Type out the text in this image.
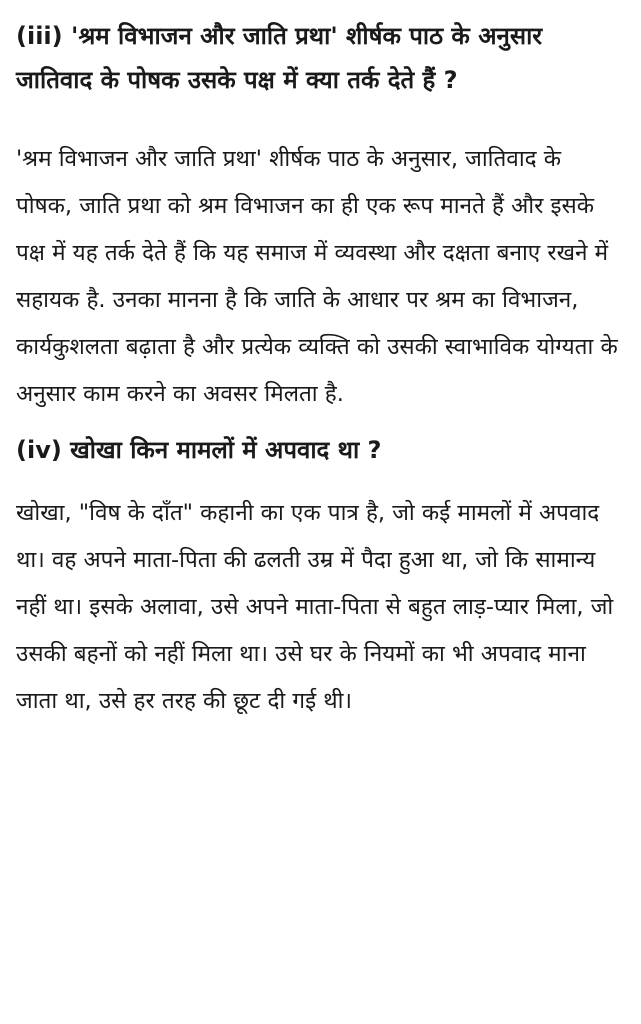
(iii) 'श्रम विभाजन और जाति प्रथा' शीर्षक पाठ के अनुसार जातिवाद के पोषक उसके पक्ष में क्या तर्क देते हैं ?

'श्रम विभाजन और जाति प्रथा' शीर्षक पाठ के अनुसार, जातिवाद के पोषक, जाति प्रथा को श्रम विभाजन का ही एक रूप मानते हैं और इसके पक्ष में यह तर्क देते हैं कि यह समाज में व्यवस्था और दक्षता बनाए रखने में सहायक है. उनका मानना है कि जाति के आधार पर श्रम का विभाजन, कार्यकुशलता बढ़ाता है और प्रत्येक व्यक्ति को उसकी स्वाभाविक योग्यता के अनुसार काम करने का अवसर मिलता है.

(iv) खोखा किन मामलों में अपवाद था ?

खोखा, "विष के दाँत" कहानी का एक पात्र है, जो कई मामलों में अपवाद था। वह अपने माता-पिता की ढलती उम्र में पैदा हुआ था, जो कि सामान्य नहीं था। इसके अलावा, उसे अपने माता-पिता से बहुत लाड़-प्यार मिला, जो उसकी बहनों को नहीं मिला था। उसे घर के नियमों का भी अपवाद माना जाता था, उसे हर तरह की छूट दी गई थी।
